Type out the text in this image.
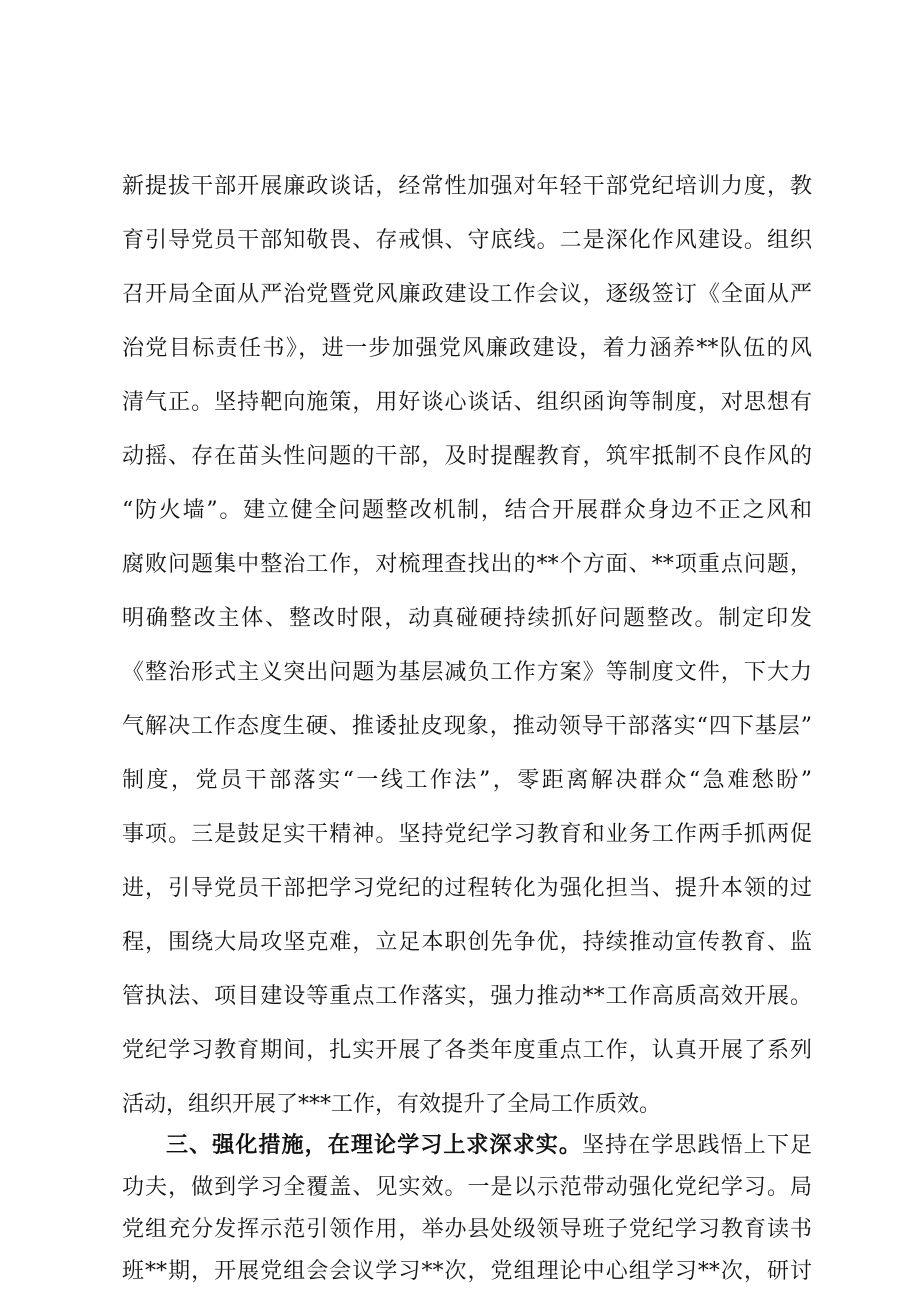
新提拔干部开展廉政谈话，经常性加强对年轻干部党纪培训力度，教
育引导党员干部知敬畏、存戒惧、守底线。二是深化作风建设。组织
召开局全面从严治党暨党风廉政建设工作会议，逐级签订《全面从严
治党目标责任书》，进一步加强党风廉政建设，着力涵养**队伍的风
清气正。坚持靶向施策，用好谈心谈话、组织函询等制度，对思想有
动摇、存在苗头性问题的干部，及时提醒教育，筑牢抵制不良作风的
“防火墙”。建立健全问题整改机制，结合开展群众身边不正之风和
腐败问题集中整治工作，对梳理查找出的**个方面、**项重点问题，
明确整改主体、整改时限，动真碰硬持续抓好问题整改。制定印发
《整治形式主义突出问题为基层减负工作方案》等制度文件，下大力
气解决工作态度生硬、推诿扯皮现象，推动领导干部落实“四下基层”
制度，党员干部落实“一线工作法”，零距离解决群众“急难愁盼”
事项。三是鼓足实干精神。坚持党纪学习教育和业务工作两手抓两促
进，引导党员干部把学习党纪的过程转化为强化担当、提升本领的过
程，围绕大局攻坚克难，立足本职创先争优，持续推动宣传教育、监
管执法、项目建设等重点工作落实，强力推动**工作高质高效开展。
党纪学习教育期间，扎实开展了各类年度重点工作，认真开展了系列
活动，组织开展了***工作，有效提升了全局工作质效。
三、强化措施，在理论学习上求深求实。坚持在学思践悟上下足
功夫，做到学习全覆盖、见实效。一是以示范带动强化党纪学习。局
党组充分发挥示范引领作用，举办县处级领导班子党纪学习教育读书
班**期，开展党组会会议学习**次，党组理论中心组学习**次，研讨
